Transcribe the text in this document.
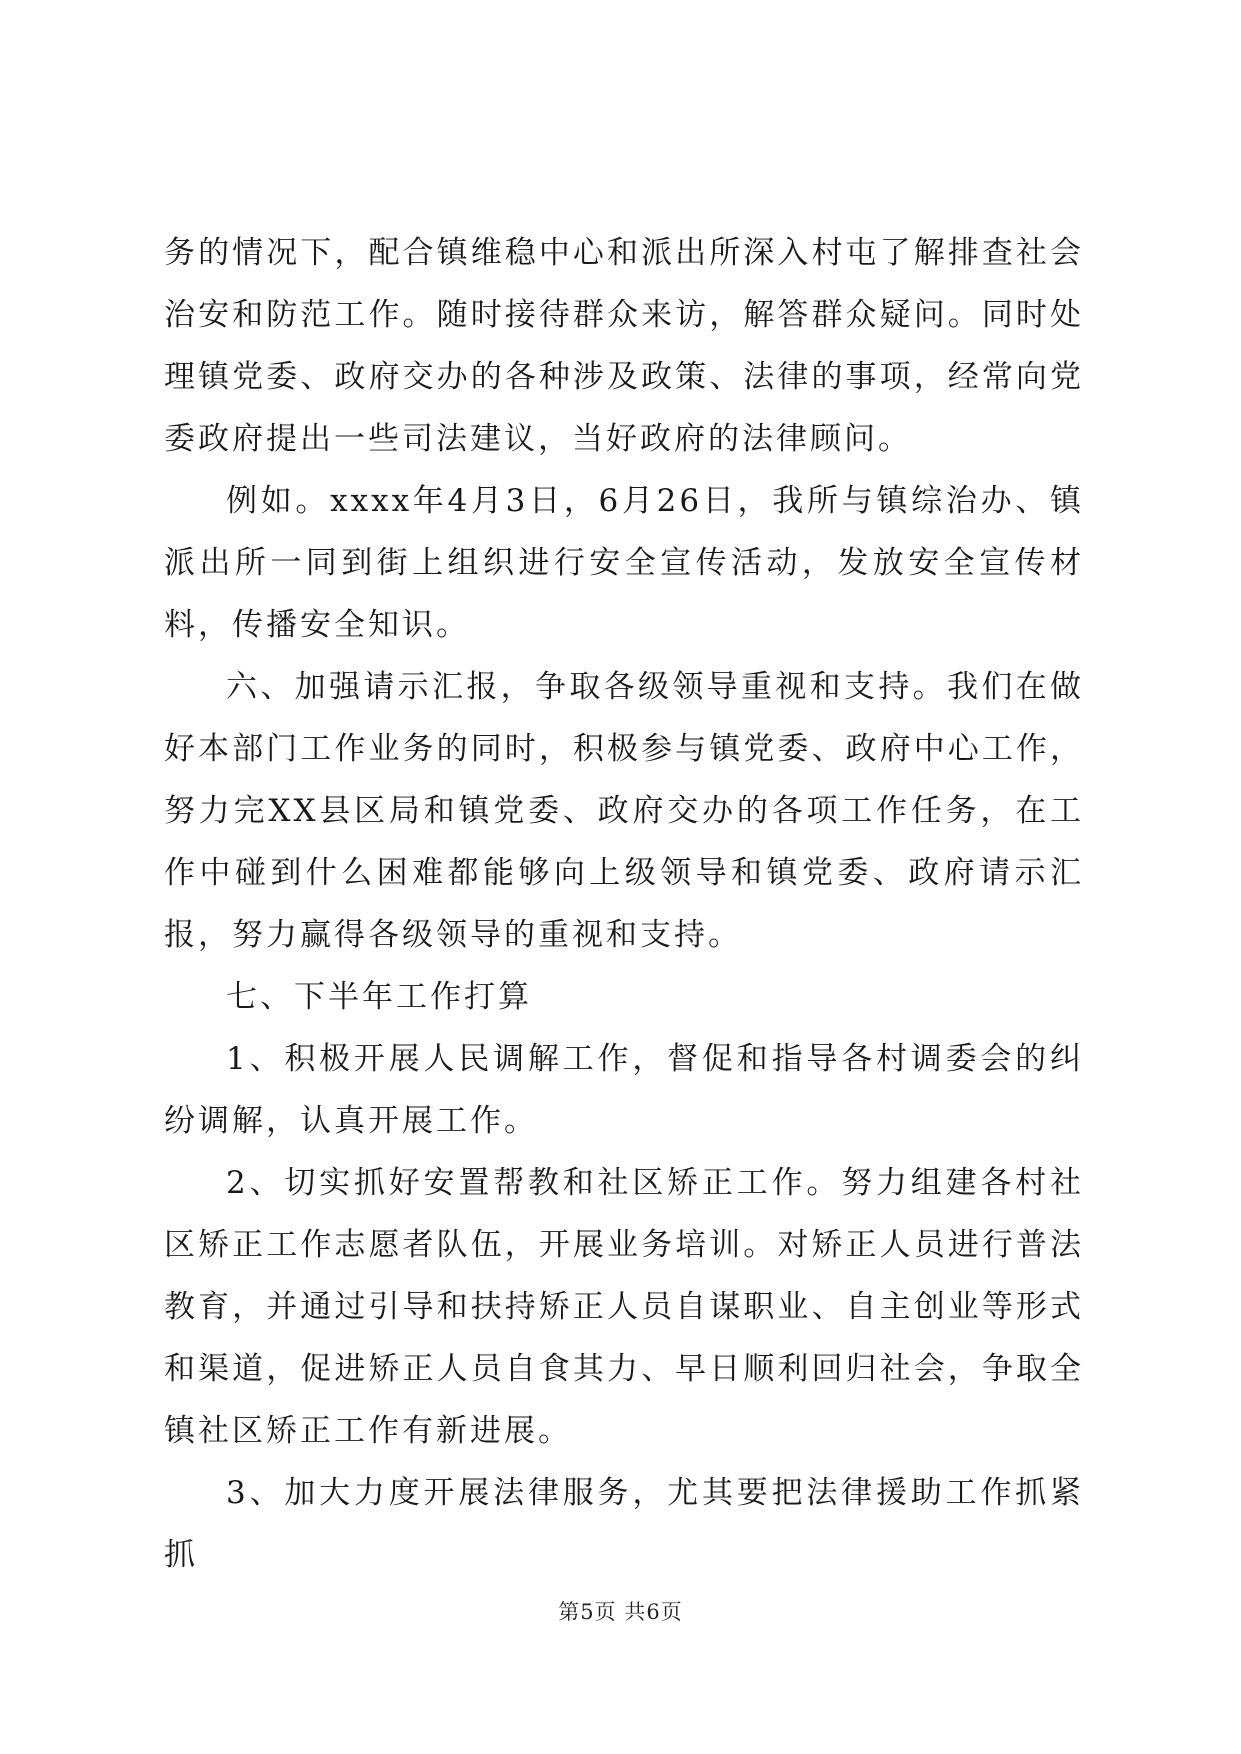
务的情况下，配合镇维稳中心和派出所深入村屯了解排查社会治安和防范工作。随时接待群众来访，解答群众疑问。同时处理镇党委、政府交办的各种涉及政策、法律的事项，经常向党委政府提出一些司法建议，当好政府的法律顾问。

例如。xxxx年4月3日，6月26日，我所与镇综治办、镇派出所一同到街上组织进行安全宣传活动，发放安全宣传材料，传播安全知识。

六、加强请示汇报，争取各级领导重视和支持。我们在做好本部门工作业务的同时，积极参与镇党委、政府中心工作，努力完XX县区局和镇党委、政府交办的各项工作任务，在工作中碰到什么困难都能够向上级领导和镇党委、政府请示汇报，努力赢得各级领导的重视和支持。

七、下半年工作打算

1、积极开展人民调解工作，督促和指导各村调委会的纠纷调解，认真开展工作。

2、切实抓好安置帮教和社区矫正工作。努力组建各村社区矫正工作志愿者队伍，开展业务培训。对矫正人员进行普法教育，并通过引导和扶持矫正人员自谋职业、自主创业等形式和渠道，促进矫正人员自食其力、早日顺利回归社会，争取全镇社区矫正工作有新进展。

3、加大力度开展法律服务，尤其要把法律援助工作抓紧抓

第5页 共6页
